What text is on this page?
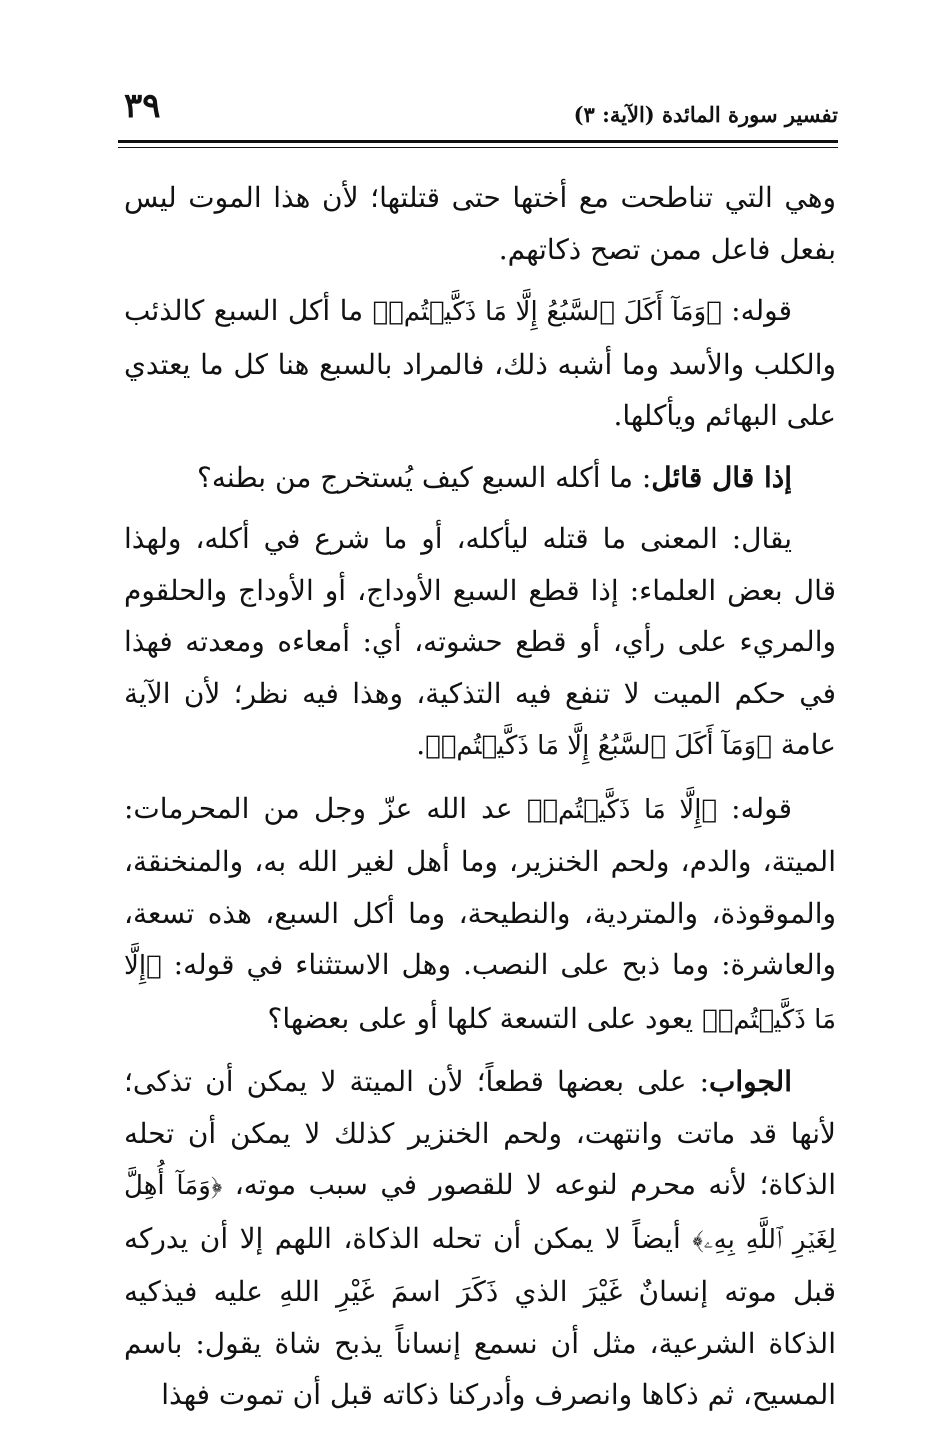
تفسير سورة المائدة (الآية: ٣)
٣٩

وهي التي تناطحت مع أختها حتى قتلتها؛ لأن هذا الموت ليس بفعل فاعل ممن تصح ذكاتهم.

قوله: ﴿وَمَآ أَكَلَ ٱلسَّبُعُ إِلَّا مَا ذَكَّيۡتُمۡ﴾ ما أكل السبع كالذئب والكلب والأسد وما أشبه ذلك، فالمراد بالسبع هنا كل ما يعتدي على البهائم ويأكلها.

إذا قال قائل: ما أكله السبع كيف يُستخرج من بطنه؟

يقال: المعنى ما قتله ليأكله، أو ما شرع في أكله، ولهذا قال بعض العلماء: إذا قطع السبع الأوداج، أو الأوداج والحلقوم والمريء على رأي، أو قطع حشوته، أي: أمعاءه ومعدته فهذا في حكم الميت لا تنفع فيه التذكية، وهذا فيه نظر؛ لأن الآية عامة ﴿وَمَآ أَكَلَ ٱلسَّبُعُ إِلَّا مَا ذَكَّيۡتُمۡ﴾.

قوله: ﴿إِلَّا مَا ذَكَّيۡتُمۡ﴾ عد الله عزّ وجل من المحرمات: الميتة، والدم، ولحم الخنزير، وما أهل لغير الله به، والمنخنقة، والموقوذة، والمتردية، والنطيحة، وما أكل السبع، هذه تسعة، والعاشرة: وما ذبح على النصب. وهل الاستثناء في قوله: ﴿إِلَّا مَا ذَكَّيۡتُمۡ﴾ يعود على التسعة كلها أو على بعضها؟

الجواب: على بعضها قطعاً؛ لأن الميتة لا يمكن أن تذكى؛ لأنها قد ماتت وانتهت، ولحم الخنزير كذلك لا يمكن أن تحله الذكاة؛ لأنه محرم لنوعه لا للقصور في سبب موته، ﴿وَمَآ أُهِلَّ لِغَيۡرِ ٱللَّهِ بِهِۦ﴾ أيضاً لا يمكن أن تحله الذكاة، اللهم إلا أن يدركه قبل موته إنسانٌ غَيْرَ الذي ذَكَرَ اسمَ غَيْرِ اللهِ عليه فيذكيه الذكاة الشرعية، مثل أن نسمع إنساناً يذبح شاة يقول: باسم المسيح، ثم ذكاها وانصرف وأدركنا ذكاته قبل أن تموت فهذا
